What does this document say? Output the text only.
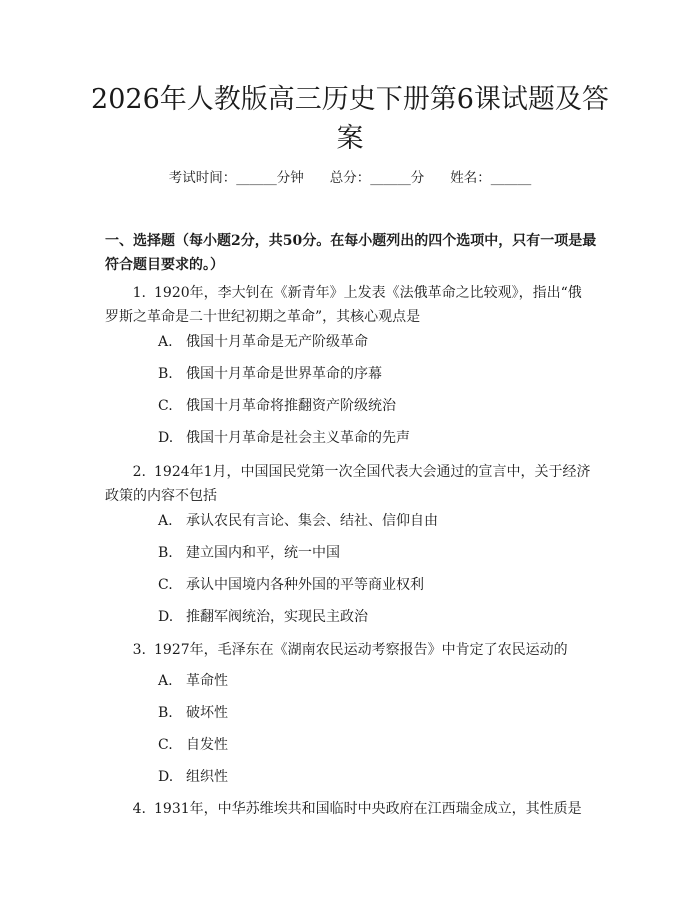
2026年人教版高三历史下册第6课试题及答案
考试时间：______分钟 总分：______分 姓名：______

一、选择题（每小题2分，共50分。在每小题列出的四个选项中，只有一项是最符合题目要求的。）

1. 1920年，李大钊在《新青年》上发表《法俄革命之比较观》，指出“俄罗斯之革命是二十世纪初期之革命”，其核心观点是

A. 俄国十月革命是无产阶级革命
B. 俄国十月革命是世界革命的序幕
C. 俄国十月革命将推翻资产阶级统治
D. 俄国十月革命是社会主义革命的先声

2. 1924年1月，中国国民党第一次全国代表大会通过的宣言中，关于经济政策的内容不包括

A. 承认农民有言论、集会、结社、信仰自由
B. 建立国内和平，统一中国
C. 承认中国境内各种外国的平等商业权利
D. 推翻军阀统治，实现民主政治

3. 1927年，毛泽东在《湖南农民运动考察报告》中肯定了农民运动的

A. 革命性
B. 破坏性
C. 自发性
D. 组织性

4. 1931年，中华苏维埃共和国临时中央政府在江西瑞金成立，其性质是
